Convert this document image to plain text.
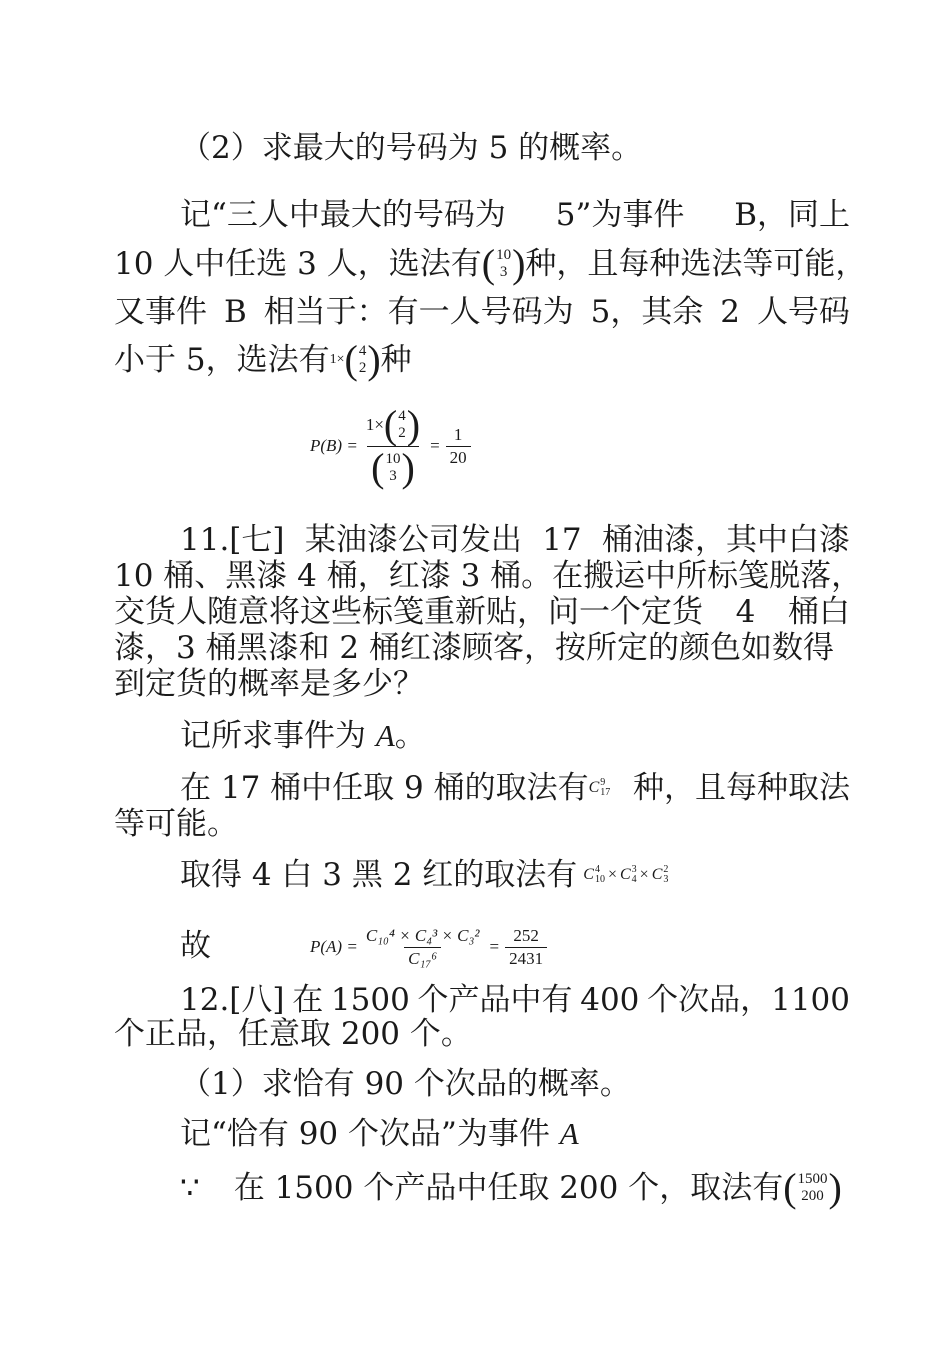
（2）求最大的号码为 5 的概率。
记“三人中最大的号码为 5”为事件 B，同上
10 人中任选 3 人，选法有 ( 10
3 ) 种，且每种选法等可能，
又事件 B 相当于：有一人号码为 5，其余 2 人号码
小于 5，选法有 1× ( 4
2 ) 种
P(B) = 1× ( 4
2 )
( 10
3 ) = $\frac{1}{20}$
11.[七] 某油漆公司发出 17 桶油漆，其中白漆
10 桶、黑漆 4 桶，红漆 3 桶。在搬运中所标笺脱落，
交货人随意将这些标笺重新贴，问一个定货 4 桶白
漆，3 桶黑漆和 2 桶红漆顾客，按所定的颜色如数得
到定货的概率是多少？
记所求事件为 A。
在 17 桶中任取 9 桶的取法有 C 9
17 种，且每种取法
等可能。
取得 4 白 3 黑 2 红的取法有 C 4
10 × C 3
4 × C 2
3
故	$P(A) = \frac{\text{C₁₀⁴ × C₄³ × C₃²}}{\text{C₁₇⁶}} = \frac{252}{2431}$
12.[八] 在 1500 个产品中有 400 个次品，1100
个正品，任意取 200 个。
（1）求恰有 90 个次品的概率。
记“恰有 90 个次品”为事件 A
∵ 在 1500 个产品中任取 200 个，取法有 ( 1500
200 )
